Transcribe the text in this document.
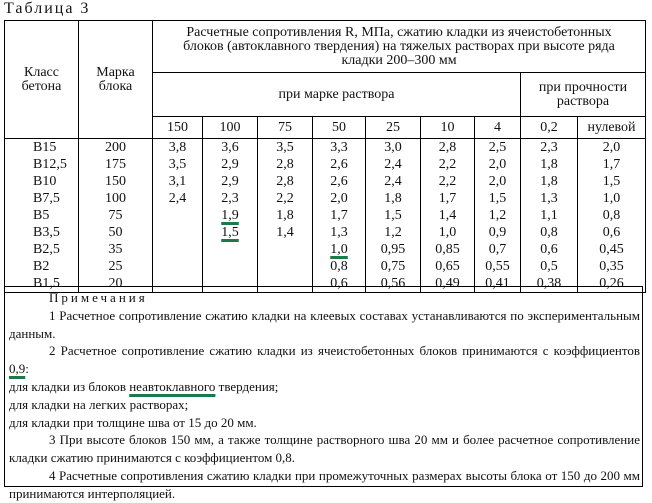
Таблица 3
Класс бетона	Марка блока	Расчетные сопротивления R, МПа, сжатию кладки из ячеистобетонных блоков (автоклавного твердения) на тяжелых растворах при высоте ряда кладки 200–300 мм								
		при марке раствора							при прочности раствора	
		150	100	75	50	25	10	4	0,2	нулевой
B15	200	3,8	3,6	3,5	3,3	3,0	2,8	2,5	2,3	2,0
B12,5	175	3,5	2,9	2,8	2,6	2,4	2,2	2,0	1,8	1,7
B10	150	3,1	2,9	2,8	2,6	2,4	2,2	2,0	1,8	1,5
B7,5	100	2,4	2,3	2,2	2,0	1,8	1,7	1,5	1,3	1,0
B5	75		1,9	1,8	1,7	1,5	1,4	1,2	1,1	0,8
B3,5	50		1,5	1,4	1,3	1,2	1,0	0,9	0,8	0,6
B2,5	35				1,0	0,95	0,85	0,7	0,6	0,45
B2	25				0,8	0,75	0,65	0,55	0,5	0,35
B1,5	20				0,6	0,56	0,49	0,41	0,38	0,26

Примечания

1 Расчетное сопротивление сжатию кладки на клеевых составах устанавливаются по экспериментальным данным.

2 Расчетное сопротивление сжатию кладки из ячеистобетонных блоков принимаются с коэффициентов 0,9:

для кладки из блоков неавтоклавного твердения;

для кладки на легких растворах;

для кладки при толщине шва от 15 до 20 мм.

3 При высоте блоков 150 мм, а также толщине растворного шва 20 мм и более расчетное сопротивление кладки сжатию принимаются с коэффициентом 0,8.

4 Расчетные сопротивления сжатию кладки при промежуточных размерах высоты блока от 150 до 200 мм принимаются интерполяцией.
